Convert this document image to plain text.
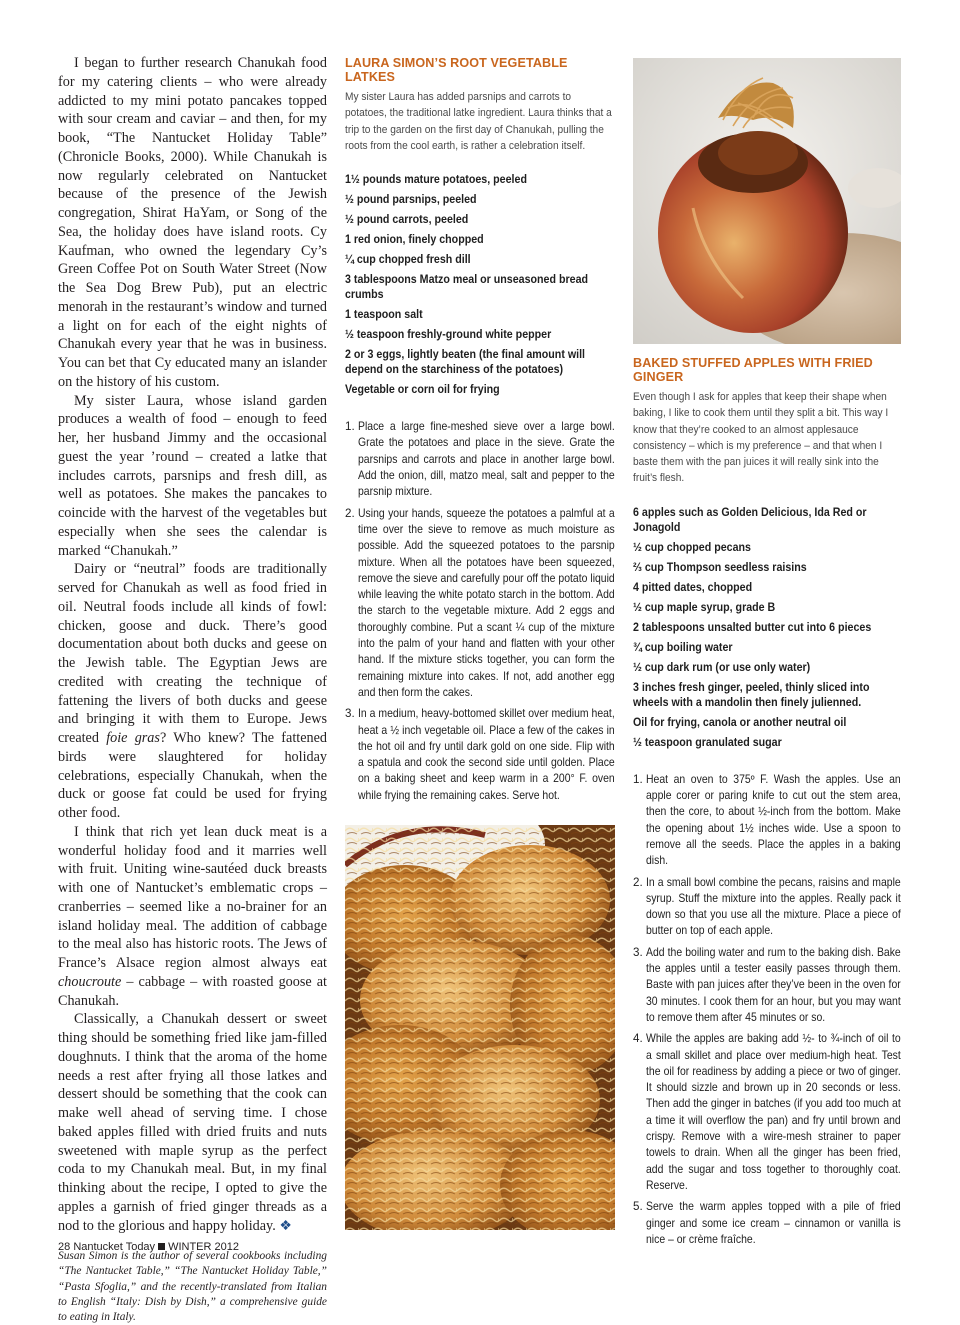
I began to further research Chanukah food for my catering clients – who were already addicted to my mini potato pancakes topped with sour cream and caviar – and then, for my book, “The Nantucket Holiday Table” (Chronicle Books, 2000). While Chanukah is now regularly celebrated on Nantucket because of the presence of the Jewish congregation, Shirat HaYam, or Song of the Sea, the holiday does have island roots. Cy Kaufman, who owned the legendary Cy’s Green Coffee Pot on South Water Street (Now the Sea Dog Brew Pub), put an electric menorah in the restaurant’s window and turned a light on for each of the eight nights of Chanukah every year that he was in business. You can bet that Cy educated many an islander on the history of his custom.

My sister Laura, whose island garden produces a wealth of food – enough to feed her, her husband Jimmy and the occasional guest the year ’round – created a latke that includes carrots, parsnips and fresh dill, as well as potatoes. She makes the pancakes to coincide with the harvest of the vegetables but especially when she sees the calendar is marked “Chanukah.”

Dairy or “neutral” foods are traditionally served for Chanukah as well as food fried in oil. Neutral foods include all kinds of fowl: chicken, goose and duck. There’s good documentation about both ducks and geese on the Jewish table. The Egyptian Jews are credited with creating the technique of fattening the livers of both ducks and geese and bringing it with them to Europe. Jews created foie gras? Who knew? The fattened birds were slaughtered for holiday celebrations, especially Chanukah, when the duck or goose fat could be used for frying other food.

I think that rich yet lean duck meat is a wonderful holiday food and it marries well with fruit. Uniting wine-sautéed duck breasts with one of Nantucket’s emblematic crops – cranberries – seemed like a no-brainer for an island holiday meal. The addition of cabbage to the meal also has historic roots. The Jews of France’s Alsace region almost always eat choucroute – cabbage – with roasted goose at Chanukah.

Classically, a Chanukah dessert or sweet thing should be something fried like jam-filled doughnuts. I think that the aroma of the home needs a rest after frying all those latkes and dessert should be something that the cook can make well ahead of serving time. I chose baked apples filled with dried fruits and nuts sweetened with maple syrup as the perfect coda to my Chanukah meal. But, in my final thinking about the recipe, I opted to give the apples a garnish of fried ginger threads as a nod to the glorious and happy holiday. ❖

Susan Simon is the author of several cookbooks including “The Nantucket Table,” “The Nantucket Holiday Table,” “Pasta Sfoglia,” and the recently-translated from Italian to English “Italy: Dish by Dish,” a comprehensive guide to eating in Italy.

LAURA SIMON’S ROOT VEGETABLE LATKES

My sister Laura has added parsnips and carrots to potatoes, the traditional latke ingredient. Laura thinks that a trip to the garden on the first day of Chanukah, pulling the roots from the cool earth, is rather a celebration itself.

1½ pounds mature potatoes, peeled
½ pound parsnips, peeled
½ pound carrots, peeled
1 red onion, finely chopped
¼ cup chopped fresh dill
3 tablespoons Matzo meal or unseasoned bread crumbs
1 teaspoon salt
½ teaspoon freshly-ground white pepper
2 or 3 eggs, lightly beaten (the final amount will depend on the starchiness of the potatoes)
Vegetable or corn oil for frying
1. Place a large fine-meshed sieve over a large bowl. Grate the potatoes and place in the sieve. Grate the parsnips and carrots and place in another large bowl. Add the onion, dill, matzo meal, salt and pepper to the parsnip mixture.
2. Using your hands, squeeze the potatoes a palmful at a time over the sieve to remove as much moisture as possible. Add the squeezed potatoes to the parsnip mixture. When all the potatoes have been squeezed, remove the sieve and carefully pour off the potato liquid while leaving the white potato starch in the bottom. Add the starch to the vegetable mixture. Add 2 eggs and thoroughly combine. Put a scant ¼ cup of the mixture into the palm of your hand and flatten with your other hand. If the mixture sticks together, you can form the remaining mixture into cakes. If not, add another egg and then form the cakes.
3. In a medium, heavy-bottomed skillet over medium heat, heat a ½ inch vegetable oil. Place a few of the cakes in the hot oil and fry until dark gold on one side. Flip with a spatula and cook the second side until golden. Place on a baking sheet and keep warm in a 200° F. oven while frying the remaining cakes. Serve hot.
BAKED STUFFED APPLES WITH FRIED GINGER

Even though I ask for apples that keep their shape when baking, I like to cook them until they split a bit. This way I know that they’re cooked to an almost applesauce consistency – which is my preference – and that when I baste them with the pan juices it will really sink into the fruit’s flesh.

6 apples such as Golden Delicious, Ida Red or Jonagold
½ cup chopped pecans
⅔ cup Thompson seedless raisins
4 pitted dates, chopped
½ cup maple syrup, grade B
2 tablespoons unsalted butter cut into 6 pieces
¾ cup boiling water
½ cup dark rum (or use only water)
3 inches fresh ginger, peeled, thinly sliced into wheels with a mandolin then finely julienned.
Oil for frying, canola or another neutral oil
½ teaspoon granulated sugar
1. Heat an oven to 375º F. Wash the apples. Use an apple corer or paring knife to cut out the stem area, then the core, to about ½-inch from the bottom. Make the opening about 1½ inches wide. Use a spoon to remove all the seeds. Place the apples in a baking dish.
2. In a small bowl combine the pecans, raisins and maple syrup. Stuff the mixture into the apples. Really pack it down so that you use all the mixture. Place a piece of butter on top of each apple.
3. Add the boiling water and rum to the baking dish. Bake the apples until a tester easily passes through them. Baste with pan juices after they’ve been in the oven for 30 minutes. I cook them for an hour, but you may want to remove them after 45 minutes or so.
4. While the apples are baking add ½- to ¾-inch of oil to a small skillet and place over medium-high heat. Test the oil for readiness by adding a piece or two of ginger. It should sizzle and brown up in 20 seconds or less. Then add the ginger in batches (if you add too much at a time it will overflow the pan) and fry until brown and crispy. Remove with a wire-mesh strainer to paper towels to drain. When all the ginger has been fried, add the sugar and toss together to thoroughly coat. Reserve.
5. Serve the warm apples topped with a pile of fried ginger and some ice cream – cinnamon or vanilla is nice – or crème fraîche.
28 Nantucket Today WINTER 2012
